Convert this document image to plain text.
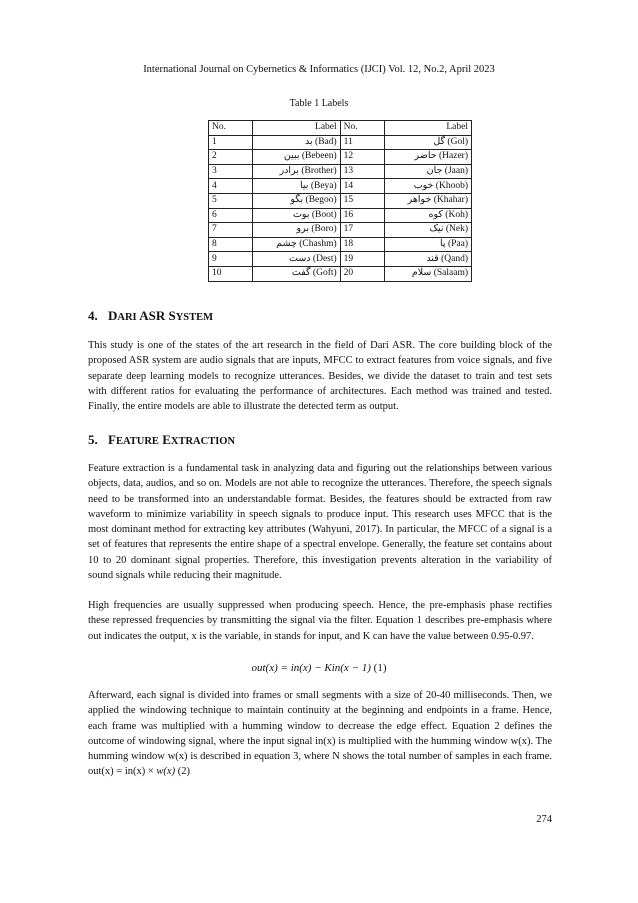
International Journal on Cybernetics & Informatics (IJCI) Vol. 12, No.2, April 2023
Table 1 Labels
No.	Label	No.	Label
1	بد (Bad)	11	گل (Gol)
2	ببین (Bebeen)	12	حاضر (Hazer)
3	برادر (Brother)	13	جان (Jaan)
4	بیا (Beya)	14	خوب (Khoob)
5	بگو (Begoo)	15	خواهر (Khahar)
6	بوت (Boot)	16	کوه (Koh)
7	برو (Boro)	17	نیک (Nek)
8	چشم (Chashm)	18	پا (Paa)
9	دست (Dest)	19	قند (Qand)
10	گفت (Goft)	20	سلام (Salaam)
4. DARI ASR SYSTEM

This study is one of the states of the art research in the field of Dari ASR. The core building block of the proposed ASR system are audio signals that are inputs, MFCC to extract features from voice signals, and five separate deep learning models to recognize utterances. Besides, we divide the dataset to train and test sets with different ratios for evaluating the performance of architectures. Each method was trained and tested. Finally, the entire models are able to illustrate the detected term as output.

5. FEATURE EXTRACTION

Feature extraction is a fundamental task in analyzing data and figuring out the relationships between various objects, data, audios, and so on. Models are not able to recognize the utterances. Therefore, the speech signals need to be transformed into an understandable format. Besides, the features should be extracted from raw waveform to minimize variability in speech signals to produce input. This research uses MFCC that is the most dominant method for extracting key attributes (Wahyuni, 2017). In particular, the MFCC of a signal is a set of features that represents the entire shape of a spectral envelope. Generally, the feature set contains about 10 to 20 dominant signal properties. Therefore, this investigation prevents alteration in the variability of sound signals while reducing their magnitude.

High frequencies are usually suppressed when producing speech. Hence, the pre-emphasis phase rectifies these repressed frequencies by transmitting the signal via the filter. Equation 1 describes pre-emphasis where out indicates the output, x is the variable, in stands for input, and K can have the value between 0.95-0.97.

out(x) = in(x) − Kin(x − 1) (1)

Afterward, each signal is divided into frames or small segments with a size of 20-40 milliseconds. Then, we applied the windowing technique to maintain continuity at the beginning and endpoints in a frame. Hence, each frame was multiplied with a humming window to decrease the edge effect. Equation 2 defines the outcome of windowing signal, where the input signal in(x) is multiplied with the humming window w(x). The humming window w(x) is described in equation 3, where N shows the total number of samples in each frame. out(x) = in(x) × w(x) (2)

274
